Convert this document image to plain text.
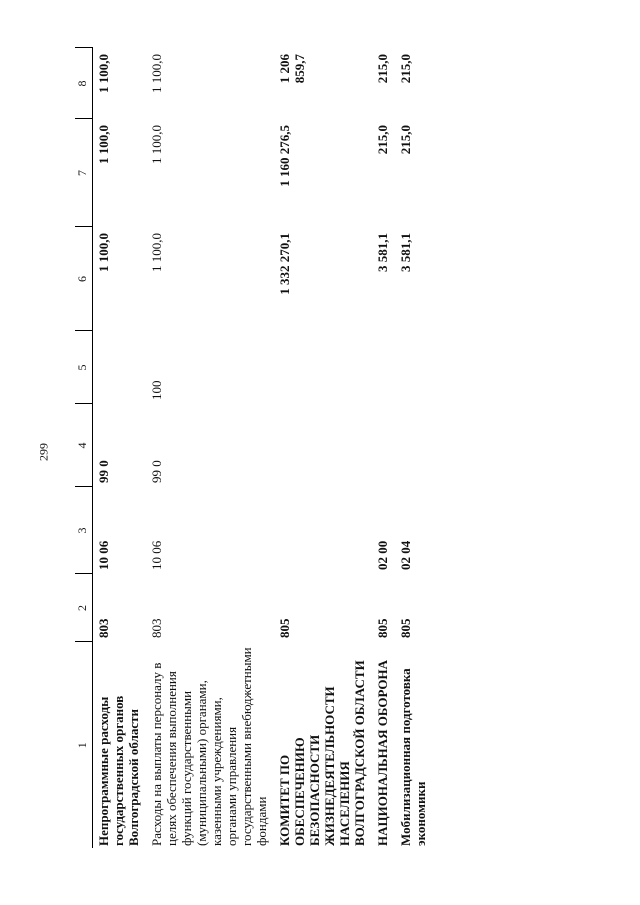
299
1	2	3	4	5	6	7	8
Непрограммные расходы государственных органов Волгоградской области	803	10 06	99 0		1 100,0	1 100,0	1 100,0
Расходы на выплаты персоналу в целях обеспечения выполнения функций государственными (муниципальными) органами, казенными учреждениями, органами управления государственными внебюджетными фондами	803	10 06	99 0	100	1 100,0	1 100,0	1 100,0
КОМИТЕТ ПО ОБЕСПЕЧЕНИЮ БЕЗОПАСНОСТИ ЖИЗНЕДЕЯТЕЛЬНОСТИ НАСЕЛЕНИЯ ВОЛГОГРАДСКОЙ ОБЛАСТИ	805				1 332 270,1	1 160 276,5	1 206 859,7
НАЦИОНАЛЬНАЯ ОБОРОНА	805	02 00			3 581,1	215,0	215,0
Мобилизационная подготовка экономики	805	02 04			3 581,1	215,0	215,0
